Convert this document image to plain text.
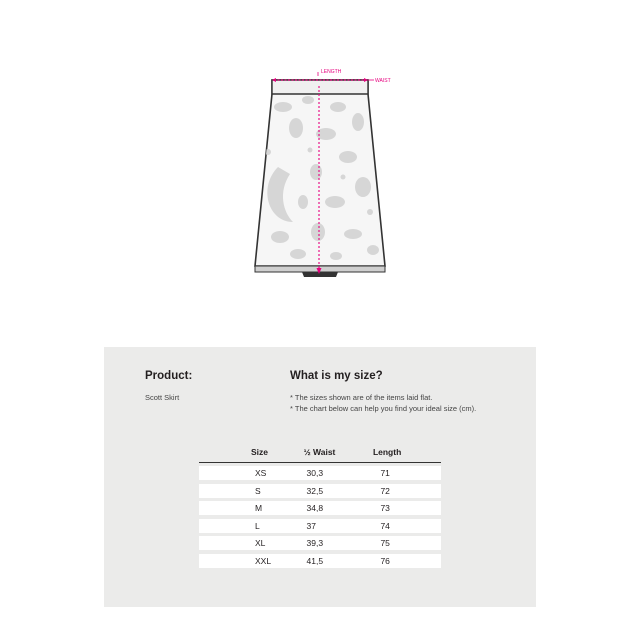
LENGTH
WAIST
Product:
Scott Skirt
What is my size?
* The sizes shown are of the items laid flat.
* The chart below can help you find your ideal size (cm).
Size	½ Waist	Length
XS	30,3	71
S	32,5	72
M	34,8	73
L	37	74
XL	39,3	75
XXL	41,5	76
